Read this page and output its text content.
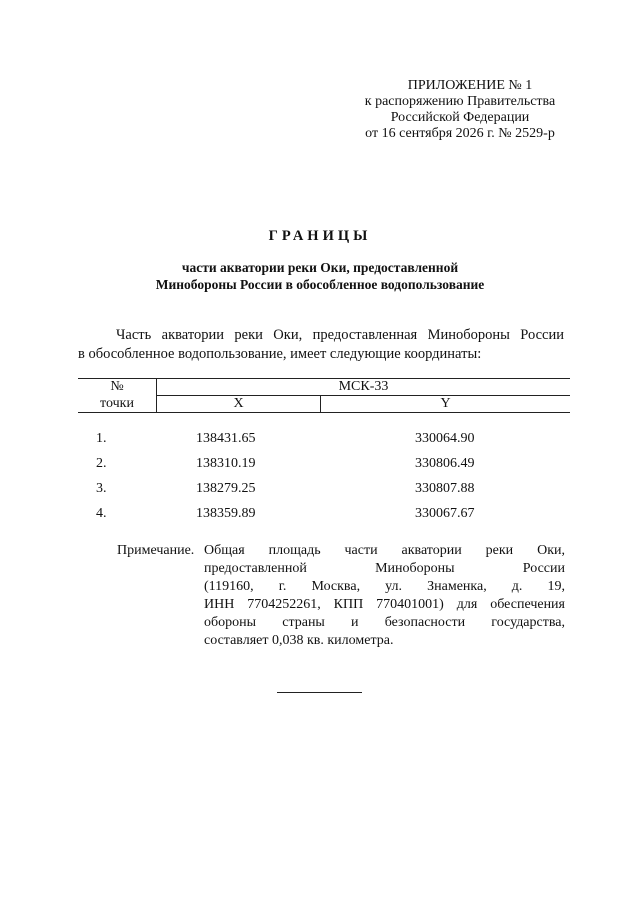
ПРИЛОЖЕНИЕ № 1
к распоряжению Правительства
Российской Федерации
от 16 сентября 2026 г. № 2529-р
ГРАНИЦЫ
части акватории реки Оки, предоставленной
Минобороны России в обособленное водопользование
Часть акватории реки Оки, предоставленная Минобороны России
в обособленное водопользование, имеет следующие координаты:
№	МСК-33	
точки	X	Y
1.	138431.65	330064.90
2.	138310.19	330806.49
3.	138279.25	330807.88
4.	138359.89	330067.67
Примечание. Общая площадь части акватории реки Оки,
предоставленной Минобороны России
(119160, г. Москва, ул. Знаменка, д. 19,
ИНН 7704252261, КПП 770401001) для обеспечения
обороны страны и безопасности государства,
составляет 0,038 кв. километра.
